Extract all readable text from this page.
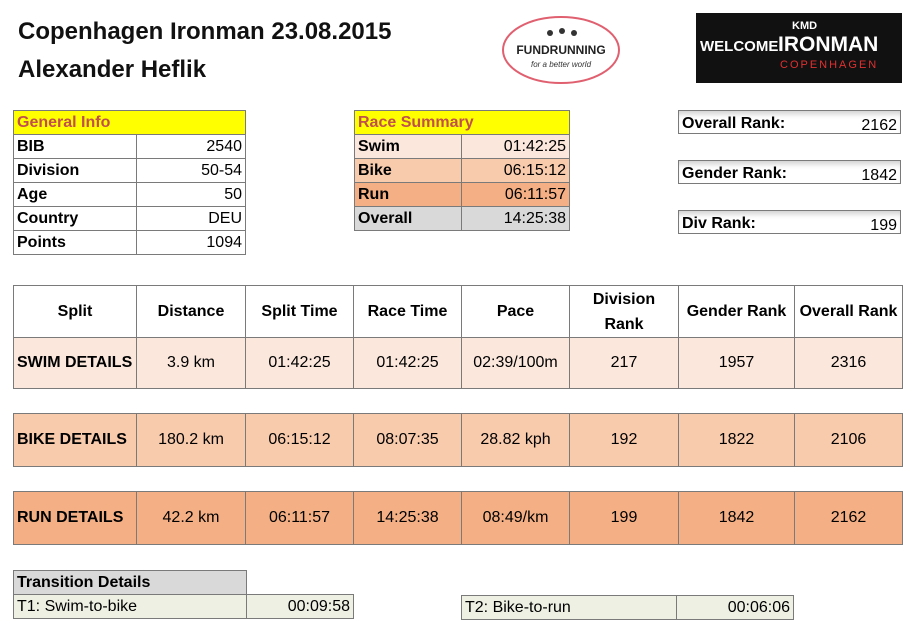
Copenhagen Ironman 23.08.2015
Alexander Heflik
FUNDRUNNING
for a better world
WELCOME
KMD
IRONMAN
COPENHAGEN
General Info	
BIB	2540
Division	50-54
Age	50
Country	DEU
Points	1094
Race Summary	
Swim	01:42:25
Bike	06:15:12
Run	06:11:57
Overall	14:25:38
Overall Rank:	2162
Gender Rank:	1842
Div Rank:	199
Split	Distance	Split Time	Race Time	Pace	Division Rank	Gender Rank	Overall Rank
SWIM DETAILS	3.9 km	01:42:25	01:42:25	02:39/100m	217	1957	2316
BIKE DETAILS	180.2 km	06:15:12	08:07:35	28.82 kph	192	1822	2106
RUN DETAILS	42.2 km	06:11:57	14:25:38	08:49/km	199	1842	2162
Transition Details	
T1: Swim-to-bike	00:09:58	T2: Bike-to-run	00:06:06
